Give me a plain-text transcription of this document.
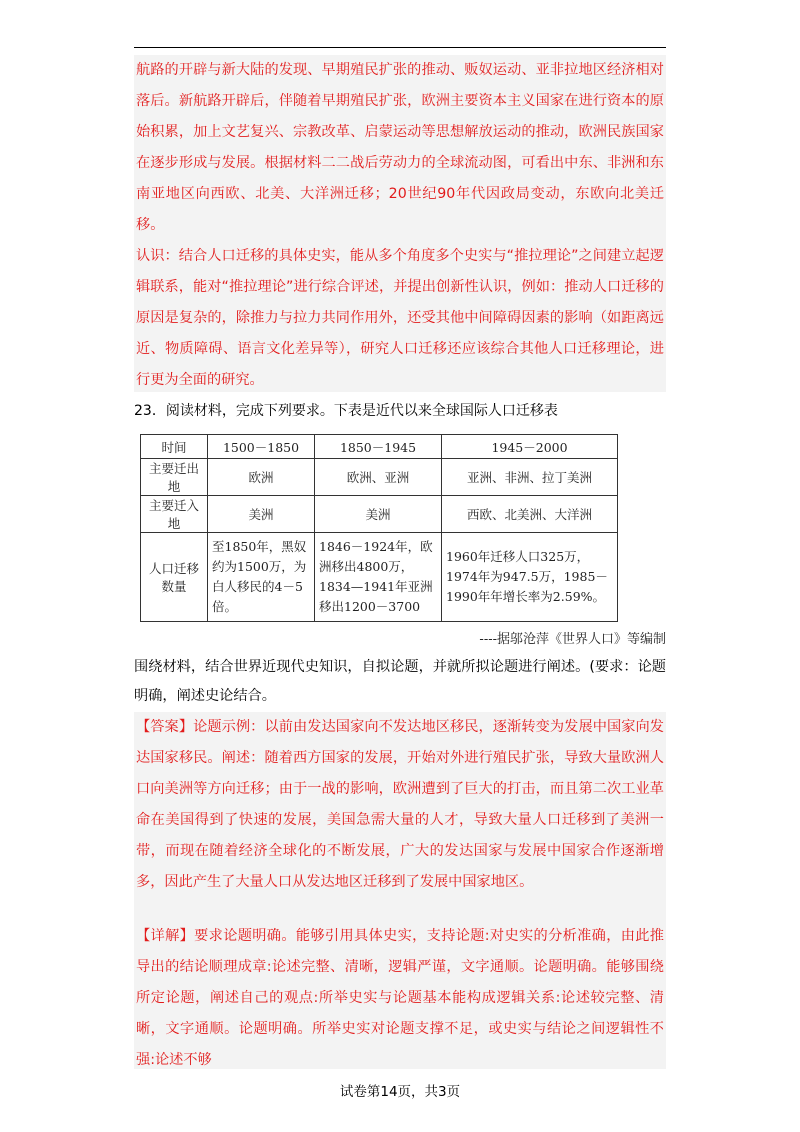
航路的开辟与新大陆的发现、早期殖民扩张的推动、贩奴运动、亚非拉地区经济相对落后。新航路开辟后，伴随着早期殖民扩张，欧洲主要资本主义国家在进行资本的原始积累，加上文艺复兴、宗教改革、启蒙运动等思想解放运动的推动，欧洲民族国家在逐步形成与发展。根据材料二二战后劳动力的全球流动图，可看出中东、非洲和东南亚地区向西欧、北美、大洋洲迁移；20世纪90年代因政局变动，东欧向北美迁移。

认识：结合人口迁移的具体史实，能从多个角度多个史实与“推拉理论”之间建立起逻辑联系，能对“推拉理论”进行综合评述，并提出创新性认识，例如：推动人口迁移的原因是复杂的，除推力与拉力共同作用外，还受其他中间障碍因素的影响（如距离远近、物质障碍、语言文化差异等），研究人口迁移还应该综合其他人口迁移理论，进行更为全面的研究。

23．阅读材料，完成下列要求。下表是近代以来全球国际人口迁移表

时间	1500－1850	1850－1945	1945－2000
主要迁出地	欧洲	欧洲、亚洲	亚洲、非洲、拉丁美洲
主要迁入地	美洲	美洲	西欧、北美洲、大洋洲
人口迁移数量	至1850年，黑奴约为1500万，为白人移民的4－5倍。	1846－1924年，欧洲移出4800万，1834—1941年亚洲移出1200－3700	1960年迁移人口325万，1974年为947.5万，1985－1990年年增长率为2.59%。
----据邬沧萍《世界人口》等编制

围绕材料，结合世界近现代史知识，自拟论题，并就所拟论题进行阐述。(要求：论题明确，阐述史论结合。

【答案】论题示例：以前由发达国家向不发达地区移民，逐渐转变为发展中国家向发达国家移民。阐述：随着西方国家的发展，开始对外进行殖民扩张，导致大量欧洲人口向美洲等方向迁移；由于一战的影响，欧洲遭到了巨大的打击，而且第二次工业革命在美国得到了快速的发展，美国急需大量的人才，导致大量人口迁移到了美洲一带，而现在随着经济全球化的不断发展，广大的发达国家与发展中国家合作逐渐增多，因此产生了大量人口从发达地区迁移到了发展中国家地区。

【详解】要求论题明确。能够引用具体史实，支持论题:对史实的分析准确，由此推导出的结论顺理成章:论述完整、清晰，逻辑严谨，文字通顺。论题明确。能够围绕所定论题，阐述自己的观点:所举史实与论题基本能构成逻辑关系:论述较完整、清晰，文字通顺。论题明确。所举史实对论题支撑不足，或史实与结论之间逻辑性不强:论述不够

试卷第14页，共3页
